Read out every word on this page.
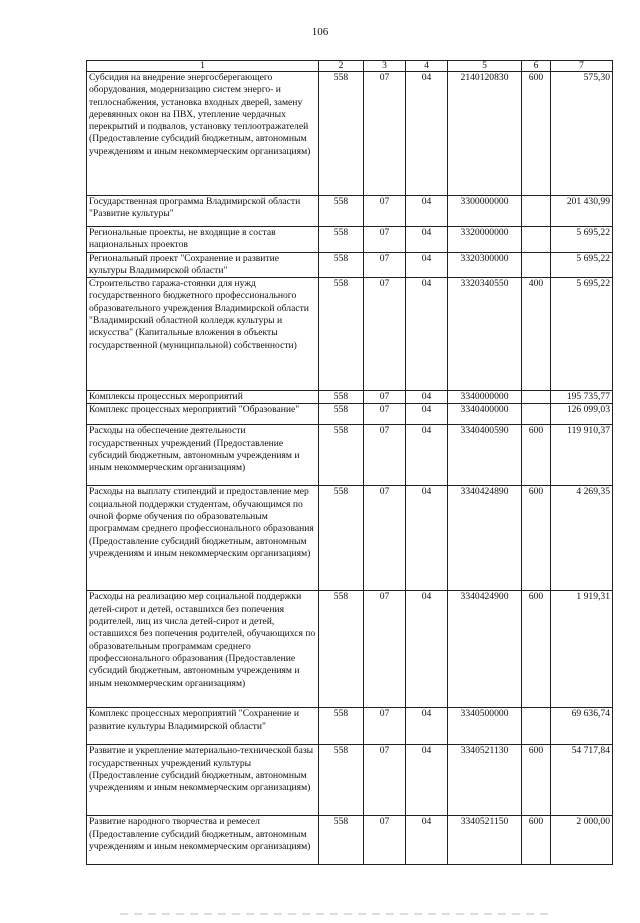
106
1	2	3	4	5	6	7
Субсидия на внедрение энергосберегающего оборудования, модернизацию систем энерго- и теплоснабжения, установка входных дверей, замену деревянных окон на ПВХ, утепление чердачных перекрытий и подвалов, установку теплоотражателей (Предоставление субсидий бюджетным, автономным учреждениям и иным некоммерческим организациям)	558	07	04	2140120830	600	575,30
Государственная программа Владимирской области "Развитие культуры"	558	07	04	3300000000		201 430,99
Региональные проекты, не входящие в состав национальных проектов	558	07	04	3320000000		5 695,22
Региональный проект "Сохранение и развитие культуры Владимирской области"	558	07	04	3320300000		5 695,22
Строительство гаража-стоянки для нужд государственного бюджетного профессионального образовательного учреждения Владимирской области "Владимирский областной колледж культуры и искусства" (Капитальные вложения в объекты государственной (муниципальной) собственности)	558	07	04	3320340550	400	5 695,22
Комплексы процессных мероприятий	558	07	04	3340000000		195 735,77
Комплекс процессных мероприятий "Образование"	558	07	04	3340400000		126 099,03
Расходы на обеспечение деятельности государственных учреждений (Предоставление субсидий бюджетным, автономным учреждениям и иным некоммерческим организациям)	558	07	04	3340400590	600	119 910,37
Расходы на выплату стипендий и предоставление мер социальной поддержки студентам, обучающимся по очной форме обучения по образовательным программам среднего профессионального образования (Предоставление субсидий бюджетным, автономным учреждениям и иным некоммерческим организациям)	558	07	04	3340424890	600	4 269,35
Расходы на реализацию мер социальной поддержки детей-сирот и детей, оставшихся без попечения родителей, лиц из числа детей-сирот и детей, оставшихся без попечения родителей, обучающихся по образовательным программам среднего профессионального образования (Предоставление субсидий бюджетным, автономным учреждениям и иным некоммерческим организациям)	558	07	04	3340424900	600	1 919,31
Комплекс процессных мероприятий "Сохранение и развитие культуры Владимирской области"	558	07	04	3340500000		69 636,74
Развитие и укрепление материально-технической базы государственных учреждений культуры (Предоставление субсидий бюджетным, автономным учреждениям и иным некоммерческим организациям)	558	07	04	3340521130	600	54 717,84
Развитие народного творчества и ремесел (Предоставление субсидий бюджетным, автономным учреждениям и иным некоммерческим организациям)	558	07	04	3340521150	600	2 000,00
